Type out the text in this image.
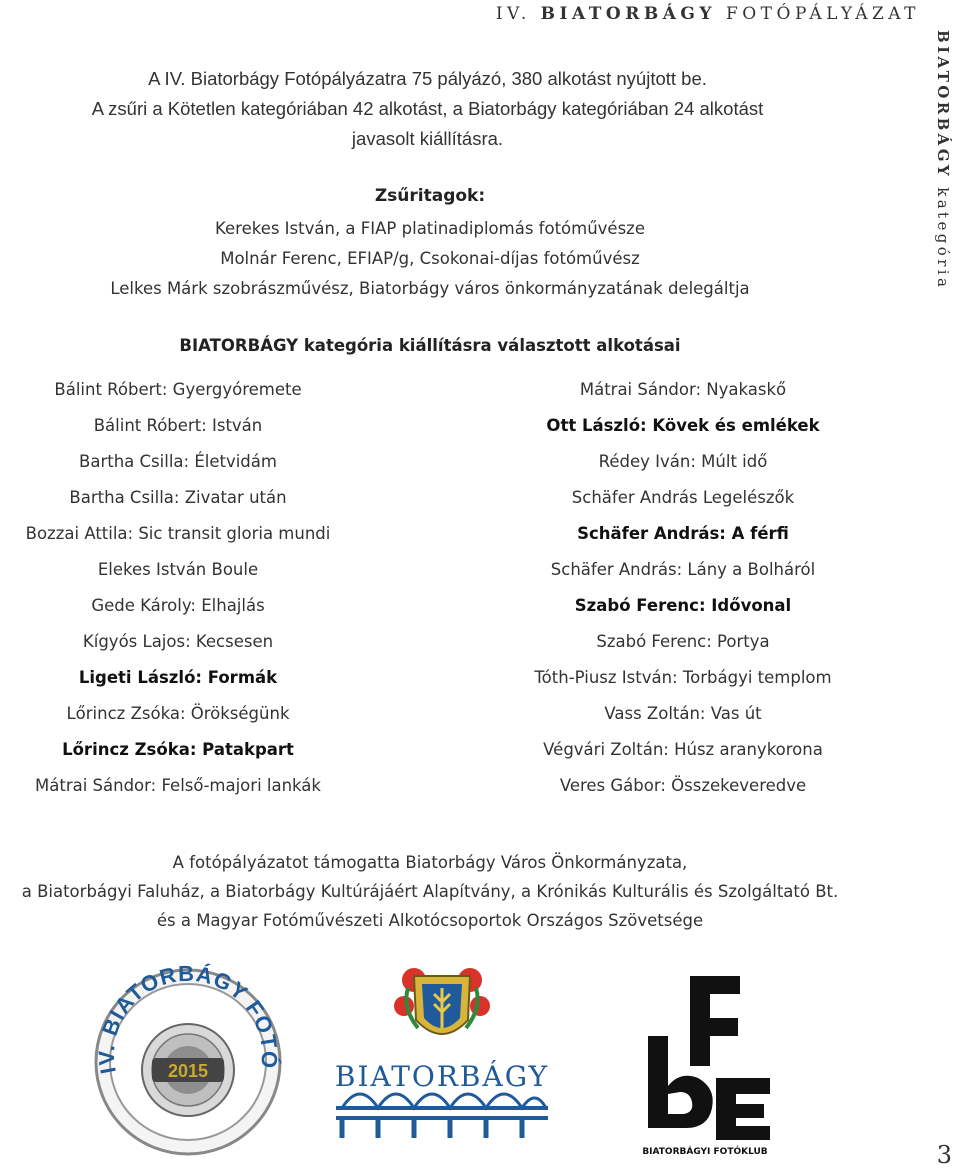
IV. BIATORBÁGY FOTÓPÁLYÁZAT
BIATORBÁGY kategória
A IV. Biatorbágy Fotópályázatra 75 pályázó, 380 alkotást nyújtott be.
A zsűri a Kötetlen kategóriában 42 alkotást, a Biatorbágy kategóriában 24 alkotást
javasolt kiállításra.
Zsűritagok:
Kerekes István, a FIAP platinadiplomás fotóművésze
Molnár Ferenc, EFIAP/g, Csokonai-díjas fotóművész
Lelkes Márk szobrászművész, Biatorbágy város önkormányzatának delegáltja
BIATORBÁGY kategória kiállításra választott alkotásai
Bálint Róbert: Gyergyóremete
Bálint Róbert: István
Bartha Csilla: Életvidám
Bartha Csilla: Zivatar után
Bozzai Attila: Sic transit gloria mundi
Elekes István Boule
Gede Károly: Elhajlás
Kígyós Lajos: Kecsesen
Ligeti László: Formák
Lőrincz Zsóka: Örökségünk
Lőrincz Zsóka: Patakpart
Mátrai Sándor: Felső-majori lankák
Mátrai Sándor: Nyakaskő
Ott László: Kövek és emlékek
Rédey Iván: Múlt idő
Schäfer András Legelészők
Schäfer András: A férfi
Schäfer András: Lány a Bolháról
Szabó Ferenc: Idővonal
Szabó Ferenc: Portya
Tóth-Piusz István: Torbágyi templom
Vass Zoltán: Vas út
Végvári Zoltán: Húsz aranykorona
Veres Gábor: Összekeveredve
A fotópályázatot támogatta Biatorbágy Város Önkormányzata,
a Biatorbágyi Faluház, a Biatorbágy Kultúrájáért Alapítvány, a Krónikás Kulturális és Szolgáltató Bt.
és a Magyar Fotóművészeti Alkotócsoportok Országos Szövetsége
IV. BIATORBÁGY FOTÓ
2015	BIATORBÁGY
BIATORBÁGYI FOTÓKLUB	3
